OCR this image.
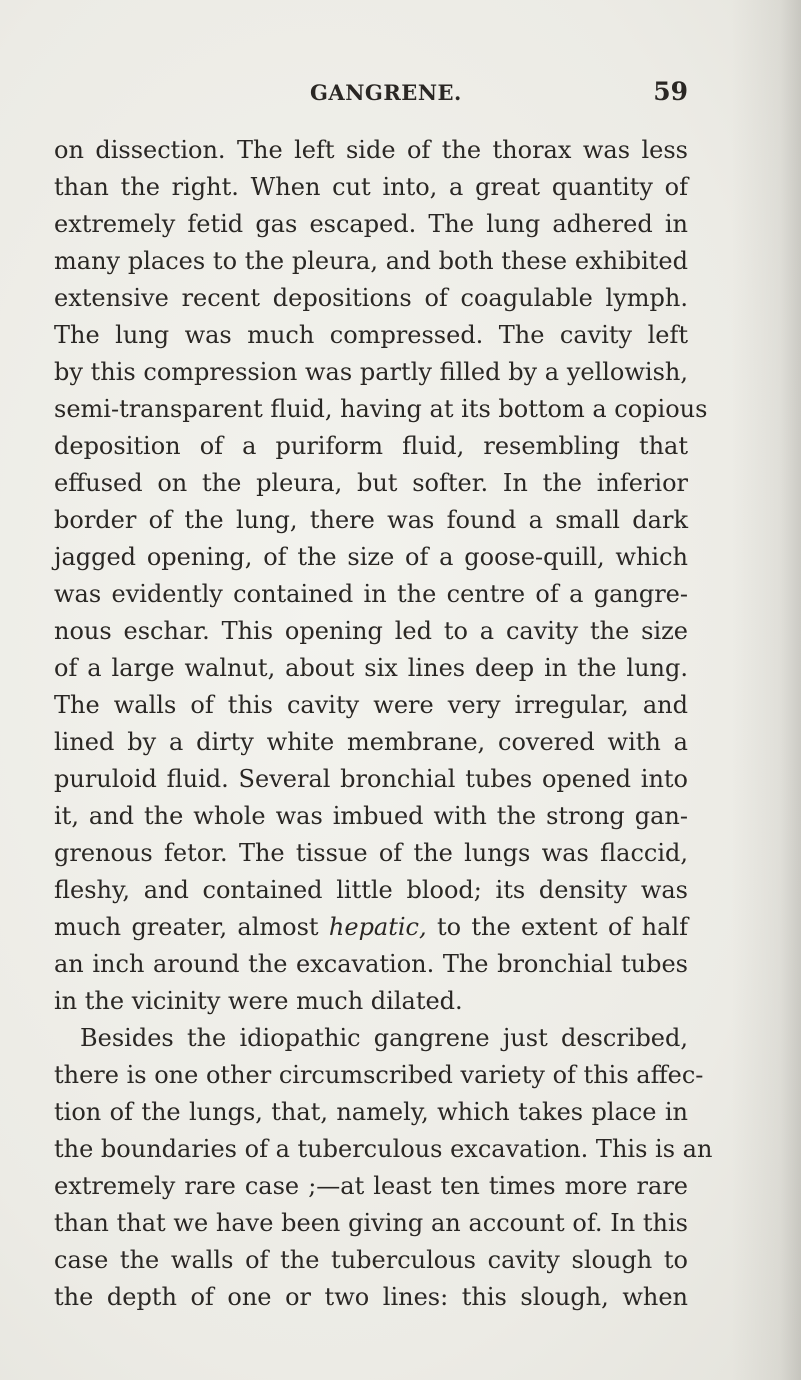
GANGRENE.	59
on dissection. The left side of the thorax was less
than the right. When cut into, a great quantity of
extremely fetid gas escaped. The lung adhered in
many places to the pleura, and both these exhibited
extensive recent depositions of coagulable lymph.
The lung was much compressed. The cavity left
by this compression was partly filled by a yellowish,
semi-transparent fluid, having at its bottom a copious
deposition of a puriform fluid, resembling that
effused on the pleura, but softer. In the inferior
border of the lung, there was found a small dark
jagged opening, of the size of a goose-quill, which
was evidently contained in the centre of a gangre-
nous eschar. This opening led to a cavity the size
of a large walnut, about six lines deep in the lung.
The walls of this cavity were very irregular, and
lined by a dirty white membrane, covered with a
puruloid fluid. Several bronchial tubes opened into
it, and the whole was imbued with the strong gan-
grenous fetor. The tissue of the lungs was flaccid,
fleshy, and contained little blood; its density was
much greater, almost hepatic, to the extent of half
an inch around the excavation. The bronchial tubes
in the vicinity were much dilated.
Besides the idiopathic gangrene just described,
there is one other circumscribed variety of this affec-
tion of the lungs, that, namely, which takes place in
the boundaries of a tuberculous excavation. This is an
extremely rare case ;—at least ten times more rare
than that we have been giving an account of. In this
case the walls of the tuberculous cavity slough to
the depth of one or two lines: this slough, when
